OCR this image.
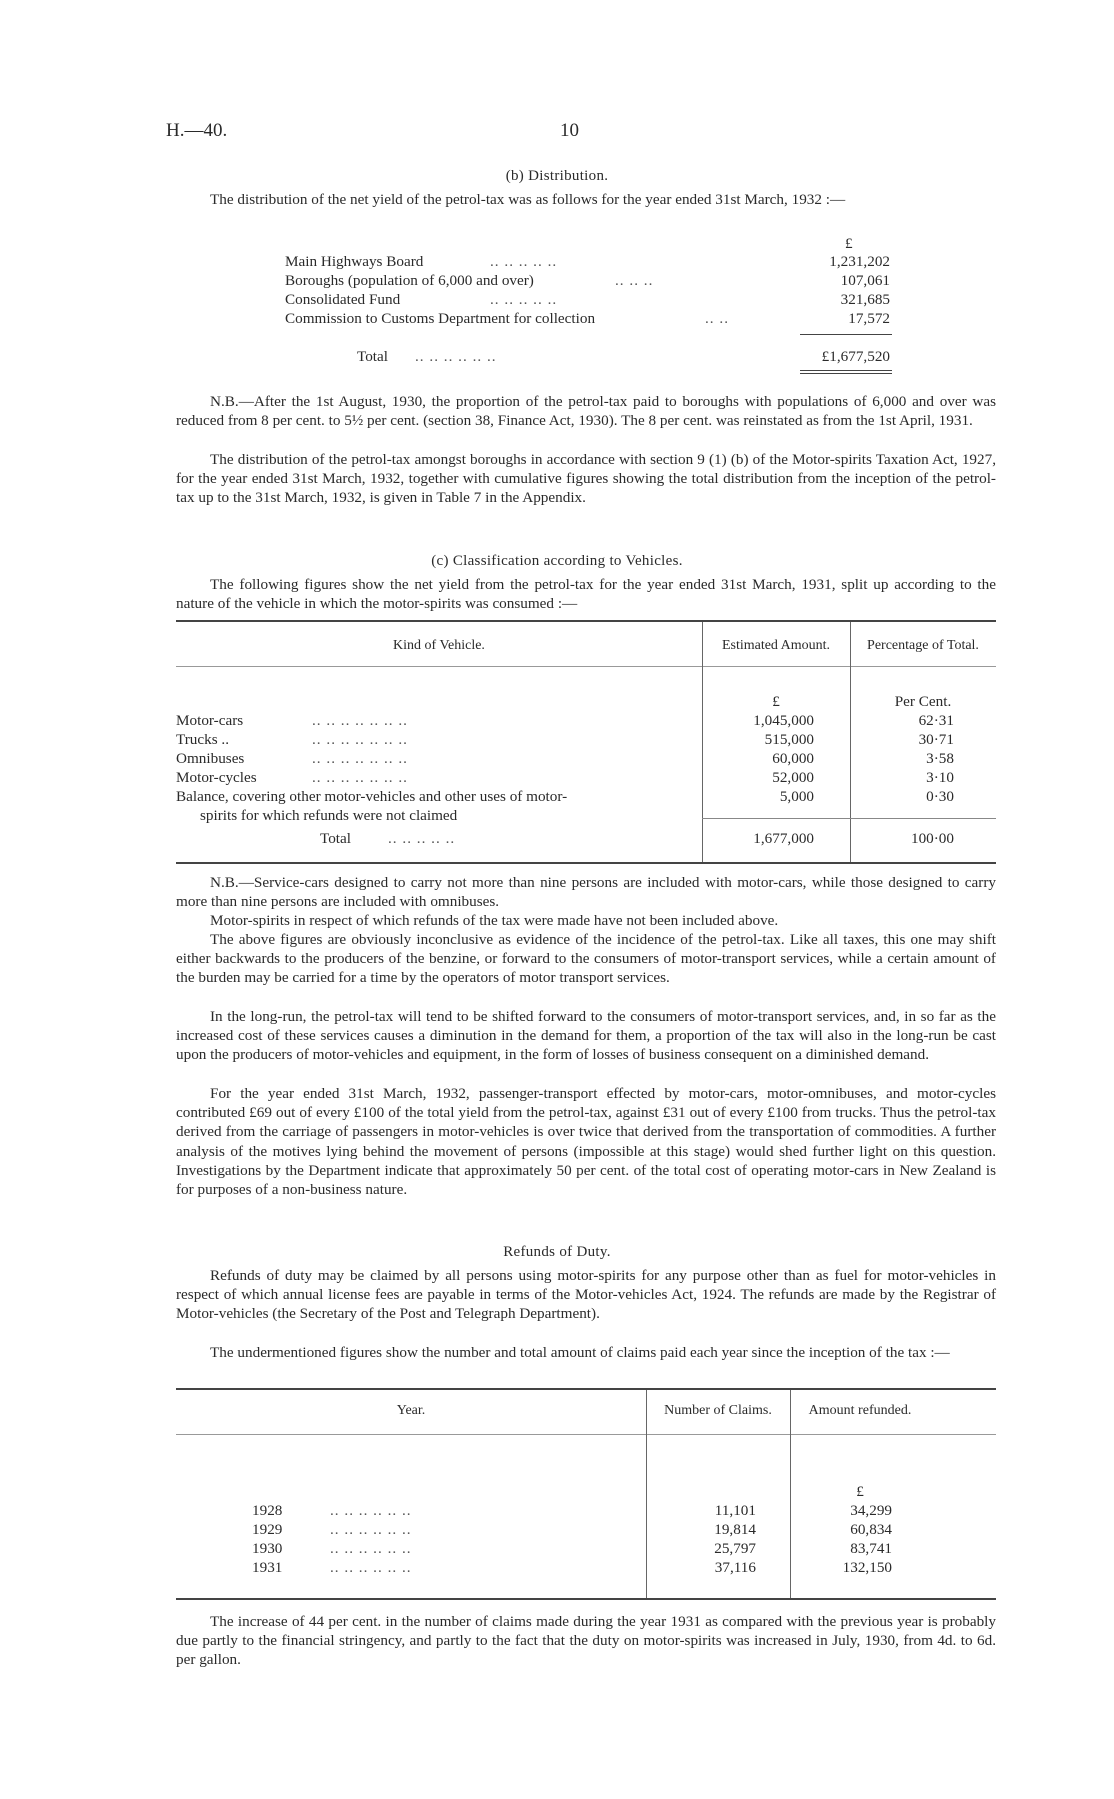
H.—40.	10
(b) Distribution.
The distribution of the net yield of the petrol-tax was as follows for the year ended 31st March, 1932 :—
£
Main Highways Board	.. .. .. .. ..	1,231,202
Boroughs (population of 6,000 and over)	.. .. ..	107,061
Consolidated Fund	.. .. .. .. ..	321,685
Commission to Customs Department for collection	.. ..	17,572
Total .. .. .. .. .. ..	£1,677,520
N.B.—After the 1st August, 1930, the proportion of the petrol-tax paid to boroughs with populations of 6,000 and over was reduced from 8 per cent. to 5½ per cent. (section 38, Finance Act, 1930). The 8 per cent. was reinstated as from the 1st April, 1931.
The distribution of the petrol-tax amongst boroughs in accordance with section 9 (1) (b) of the Motor-spirits Taxation Act, 1927, for the year ended 31st March, 1932, together with cumulative figures showing the total distribution from the inception of the petrol-tax up to the 31st March, 1932, is given in Table 7 in the Appendix.
(c) Classification according to Vehicles.
The following figures show the net yield from the petrol-tax for the year ended 31st March, 1931, split up according to the nature of the vehicle in which the motor-spirits was consumed :—
Kind of Vehicle.	Estimated Amount.	Percentage of Total.
£	Per Cent.
Motor-cars	.. .. .. .. .. .. ..	1,045,000	62·31
Trucks ..	.. .. .. .. .. .. ..	515,000	30·71
Omnibuses	.. .. .. .. .. .. ..	60,000	3·58
Motor-cycles	.. .. .. .. .. .. ..	52,000	3·10
Balance, covering other motor-vehicles and other uses of motor-
spirits for which refunds were not claimed
5,000	0·30
Total .. .. .. .. ..	1,677,000	100·00
N.B.—Service-cars designed to carry not more than nine persons are included with motor-cars, while those designed to carry more than nine persons are included with omnibuses.
Motor-spirits in respect of which refunds of the tax were made have not been included above.
The above figures are obviously inconclusive as evidence of the incidence of the petrol-tax. Like all taxes, this one may shift either backwards to the producers of the benzine, or forward to the consumers of motor-transport services, while a certain amount of the burden may be carried for a time by the operators of motor transport services.
In the long-run, the petrol-tax will tend to be shifted forward to the consumers of motor-transport services, and, in so far as the increased cost of these services causes a diminution in the demand for them, a proportion of the tax will also in the long-run be cast upon the producers of motor-vehicles and equipment, in the form of losses of business consequent on a diminished demand.
For the year ended 31st March, 1932, passenger-transport effected by motor-cars, motor-omnibuses, and motor-cycles contributed £69 out of every £100 of the total yield from the petrol-tax, against £31 out of every £100 from trucks. Thus the petrol-tax derived from the carriage of passengers in motor-vehicles is over twice that derived from the transportation of commodities. A further analysis of the motives lying behind the movement of persons (impossible at this stage) would shed further light on this question. Investigations by the Department indicate that approximately 50 per cent. of the total cost of operating motor-cars in New Zealand is for purposes of a non-business nature.
Refunds of Duty.
Refunds of duty may be claimed by all persons using motor-spirits for any purpose other than as fuel for motor-vehicles in respect of which annual license fees are payable in terms of the Motor-vehicles Act, 1924. The refunds are made by the Registrar of Motor-vehicles (the Secretary of the Post and Telegraph Department).
The undermentioned figures show the number and total amount of claims paid each year since the inception of the tax :—
Year.	Number of Claims.	Amount refunded.
£
1928	.. .. .. .. .. ..	11,101	34,299
1929	.. .. .. .. .. ..	19,814	60,834
1930	.. .. .. .. .. ..	25,797	83,741
1931	.. .. .. .. .. ..	37,116	132,150
The increase of 44 per cent. in the number of claims made during the year 1931 as compared with the previous year is probably due partly to the financial stringency, and partly to the fact that the duty on motor-spirits was increased in July, 1930, from 4d. to 6d. per gallon.
